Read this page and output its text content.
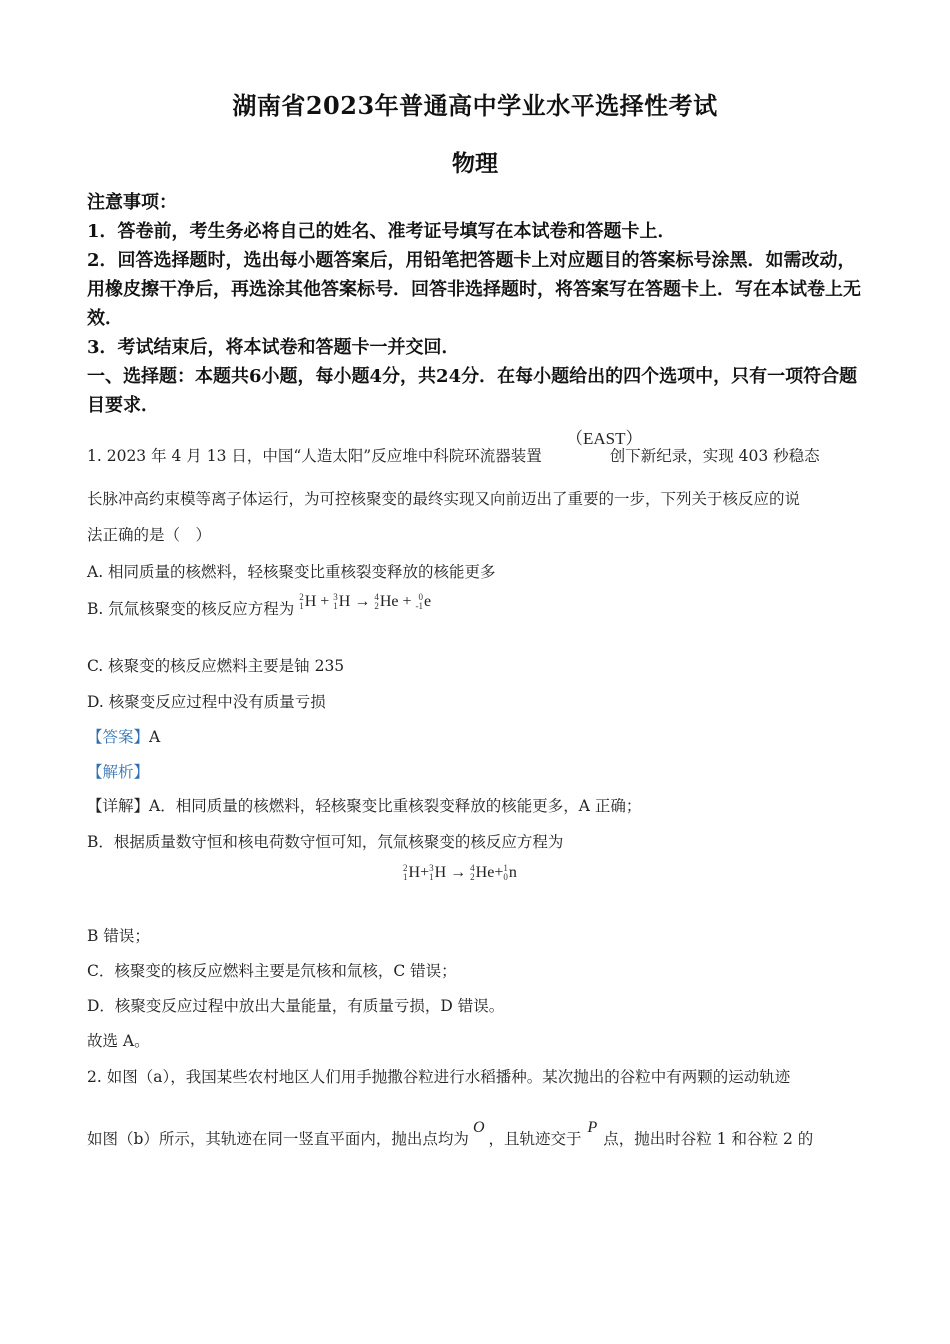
湖南省2023年普通高中学业水平选择性考试
物理

注意事项：

1．答卷前，考生务必将自己的姓名、准考证号填写在本试卷和答题卡上．

2．回答选择题时，选出每小题答案后，用铅笔把答题卡上对应题目的答案标号涂黑．如需改动，用橡皮擦干净后，再选涂其他答案标号．回答非选择题时，将答案写在答题卡上．写在本试卷上无效．

3．考试结束后，将本试卷和答题卡一并交回．

一、选择题：本题共6小题，每小题4分，共24分．在每小题给出的四个选项中，只有一项符合题目要求．

（EAST）
1. 2023 年 4 月 13 日，中国“人造太阳”反应堆中科院环流器装置	创下新纪录，实现 403 秒稳态
长脉冲高约束模等离子体运行，为可控核聚变的最终实现又向前迈出了重要的一步，下列关于核反应的说
法正确的是（　）
A. 相同质量的核燃料，轻核聚变比重核裂变释放的核能更多
B. 氘氚核聚变的核反应方程为
2
1 H + 3
1 H → 4
2 He + 0
-1 e
C. 核聚变的核反应燃料主要是铀 235
D. 核聚变反应过程中没有质量亏损
【答案】A
【解析】
【详解】A．相同质量的核燃料，轻核聚变比重核裂变释放的核能更多，A 正确；
B．根据质量数守恒和核电荷数守恒可知，氘氚核聚变的核反应方程为
2
1 H+ 3
1 H → 4
2 He+ 1
0 n
B 错误；
C．核聚变的核反应燃料主要是氘核和氚核，C 错误；
D．核聚变反应过程中放出大量能量，有质量亏损，D 错误。
故选 A。
2. 如图（a），我国某些农村地区人们用手抛撒谷粒进行水稻播种。某次抛出的谷粒中有两颗的运动轨迹
如图（b）所示，其轨迹在同一竖直平面内，抛出点均为O，且轨迹交于P点，抛出时谷粒 1 和谷粒 2 的
